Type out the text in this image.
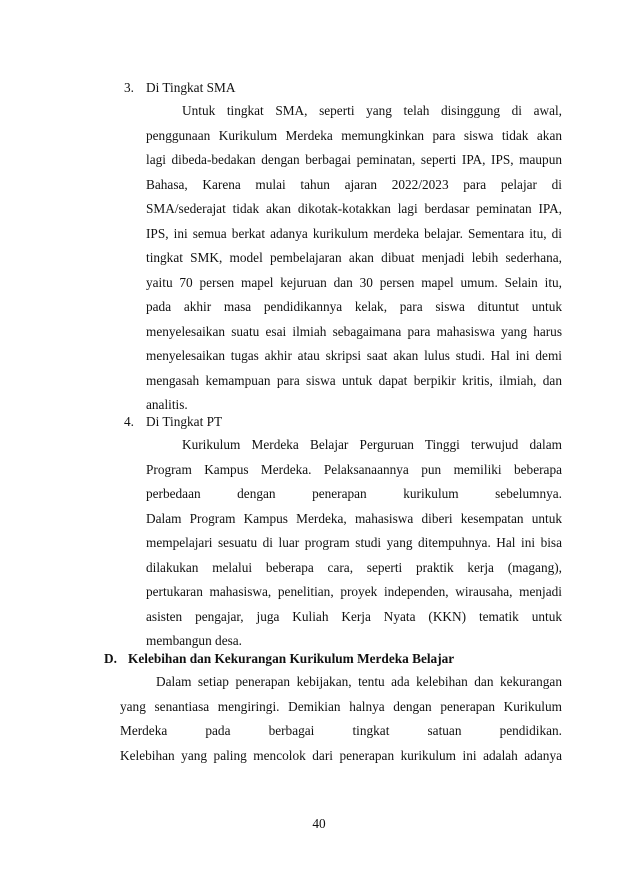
3. Di Tingkat SMA
Untuk tingkat SMA, seperti yang telah disinggung di awal,
penggunaan Kurikulum Merdeka memungkinkan para siswa tidak akan
lagi dibeda-bedakan dengan berbagai peminatan, seperti IPA, IPS, maupun
Bahasa, Karena mulai tahun ajaran 2022/2023 para pelajar di
SMA/sederajat tidak akan dikotak-kotakkan lagi berdasar peminatan IPA,
IPS, ini semua berkat adanya kurikulum merdeka belajar. Sementara itu, di
tingkat SMK, model pembelajaran akan dibuat menjadi lebih sederhana,
yaitu 70 persen mapel kejuruan dan 30 persen mapel umum. Selain itu,
pada akhir masa pendidikannya kelak, para siswa dituntut untuk
menyelesaikan suatu esai ilmiah sebagaimana para mahasiswa yang harus
menyelesaikan tugas akhir atau skripsi saat akan lulus studi. Hal ini demi
mengasah kemampuan para siswa untuk dapat berpikir kritis, ilmiah, dan
analitis.
4. Di Tingkat PT
Kurikulum Merdeka Belajar Perguruan Tinggi terwujud dalam
Program Kampus Merdeka. Pelaksanaannya pun memiliki beberapa
perbedaan dengan penerapan kurikulum sebelumnya.
Dalam Program Kampus Merdeka, mahasiswa diberi kesempatan untuk
mempelajari sesuatu di luar program studi yang ditempuhnya. Hal ini bisa
dilakukan melalui beberapa cara, seperti praktik kerja (magang),
pertukaran mahasiswa, penelitian, proyek independen, wirausaha, menjadi
asisten pengajar, juga Kuliah Kerja Nyata (KKN) tematik untuk
membangun desa.
D. Kelebihan dan Kekurangan Kurikulum Merdeka Belajar
Dalam setiap penerapan kebijakan, tentu ada kelebihan dan kekurangan
yang senantiasa mengiringi. Demikian halnya dengan penerapan Kurikulum
Merdeka pada berbagai tingkat satuan pendidikan.
Kelebihan yang paling mencolok dari penerapan kurikulum ini adalah adanya
40
